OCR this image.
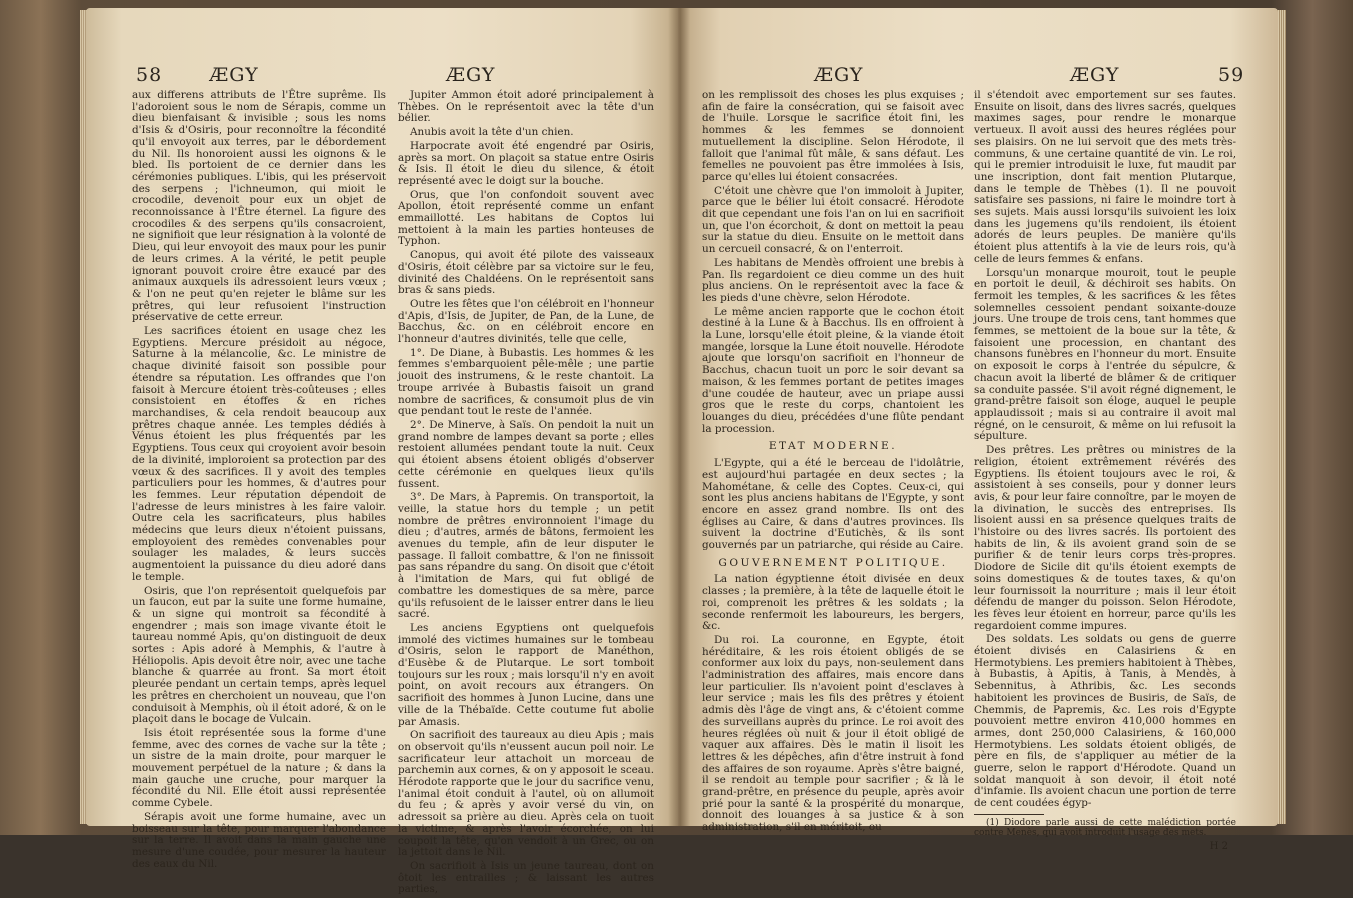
58 ÆGY	ÆGY

aux differens attributs de l'Être suprême. Ils l'adoroient sous le nom de Sérapis, comme un dieu bienfaisant & invisible ; sous les noms d'Isis & d'Osiris, pour reconnoître la fécondité qu'il envoyoit aux terres, par le débordement du Nil. Ils honoroient aussi les oignons & le bled. Ils portoient de ce dernier dans les cérémonies publiques. L'ibis, qui les préservoit des serpens ; l'ichneumon, qui mioit le crocodile, devenoit pour eux un objet de reconnoissance à l'Être éternel. La figure des crocodiles & des serpens qu'ils consacroient, ne signifioit que leur résignation à la volonté de Dieu, qui leur envoyoit des maux pour les punir de leurs crimes. A la vérité, le petit peuple ignorant pouvoit croire être exaucé par des animaux auxquels ils adressoient leurs vœux ; & l'on ne peut qu'en rejeter le blâme sur les prêtres, qui leur refusoient l'instruction préservative de cette erreur.

Les sacrifices étoient en usage chez les Egyptiens. Mercure présidoit au négoce, Saturne à la mélancolie, &c. Le ministre de chaque divinité faisoit son possible pour étendre sa réputation. Les offrandes que l'on faisoit à Mercure étoient très-coûteuses ; elles consistoient en étoffes & en riches marchandises, & cela rendoit beaucoup aux prêtres chaque année. Les temples dédiés à Vénus étoient les plus fréquentés par les Egyptiens. Tous ceux qui croyoient avoir besoin de la divinité, imploroient sa protection par des vœux & des sacrifices. Il y avoit des temples particuliers pour les hommes, & d'autres pour les femmes. Leur réputation dépendoit de l'adresse de leurs ministres à les faire valoir. Outre cela les sacrificateurs, plus habiles médecins que leurs dieux n'étoient puissans, employoient des remèdes convenables pour soulager les malades, & leurs succès augmentoient la puissance du dieu adoré dans le temple.

Osiris, que l'on représentoit quelquefois par un faucon, eut par la suite une forme humaine, & un signe qui montroit sa fécondité à engendrer ; mais son image vivante étoit le taureau nommé Apis, qu'on distinguoit de deux sortes : Apis adoré à Memphis, & l'autre à Héliopolis. Apis devoit être noir, avec une tache blanche & quarrée au front. Sa mort étoit pleurée pendant un certain temps, après lequel les prêtres en cherchoient un nouveau, que l'on conduisoit à Memphis, où il étoit adoré, & on le plaçoit dans le bocage de Vulcain.

Isis étoit représentée sous la forme d'une femme, avec des cornes de vache sur la tête ; un sistre de la main droite, pour marquer le mouvement perpétuel de la nature ; & dans la main gauche une cruche, pour marquer la fécondité du Nil. Elle étoit aussi représentée comme Cybele.

Sérapis avoit une forme humaine, avec un boisseau sur la tête, pour marquer l'abondance sur la terre. Il avoit dans la main gauche une mesure d'une coudée, pour mesurer la hauteur des eaux du Nil.

Jupiter Ammon étoit adoré principalement à Thèbes. On le représentoit avec la tête d'un bélier.

Anubis avoit la tête d'un chien.

Harpocrate avoit été engendré par Osiris, après sa mort. On plaçoit sa statue entre Osiris & Isis. Il étoit le dieu du silence, & étoit représenté avec le doigt sur la bouche.

Orus, que l'on confondoit souvent avec Apollon, étoit représenté comme un enfant emmaillotté. Les habitans de Coptos lui mettoient à la main les parties honteuses de Typhon.

Canopus, qui avoit été pilote des vaisseaux d'Osiris, étoit célèbre par sa victoire sur le feu, divinité des Chaldéens. On le représentoit sans bras & sans pieds.

Outre les fêtes que l'on célébroit en l'honneur d'Apis, d'Isis, de Jupiter, de Pan, de la Lune, de Bacchus, &c. on en célébroit encore en l'honneur d'autres divinités, telle que celle,

1°. De Diane, à Bubastis. Les hommes & les femmes s'embarquoient pêle-mêle ; une partie jouoit des instrumens, & le reste chantoit. La troupe arrivée à Bubastis faisoit un grand nombre de sacrifices, & consumoit plus de vin que pendant tout le reste de l'année.

2°. De Minerve, à Saïs. On pendoit la nuit un grand nombre de lampes devant sa porte ; elles restoient allumées pendant toute la nuit. Ceux qui étoient absens étoient obligés d'observer cette cérémonie en quelques lieux qu'ils fussent.

3°. De Mars, à Papremis. On transportoit, la veille, la statue hors du temple ; un petit nombre de prêtres environnoient l'image du dieu ; d'autres, armés de bâtons, fermoient les avenues du temple, afin de leur disputer le passage. Il falloit combattre, & l'on ne finissoit pas sans répandre du sang. On disoit que c'étoit à l'imitation de Mars, qui fut obligé de combattre les domestiques de sa mère, parce qu'ils refusoient de le laisser entrer dans le lieu sacré.

Les anciens Egyptiens ont quelquefois immolé des victimes humaines sur le tombeau d'Osiris, selon le rapport de Manéthon, d'Eusèbe & de Plutarque. Le sort tomboit toujours sur les roux ; mais lorsqu'il n'y en avoit point, on avoit recours aux étrangers. On sacrifioit des hommes à Junon Lucine, dans une ville de la Thébaïde. Cette coutume fut abolie par Amasis.

On sacrifioit des taureaux au dieu Apis ; mais on observoit qu'ils n'eussent aucun poil noir. Le sacrificateur leur attachoit un morceau de parchemin aux cornes, & on y apposoit le sceau. Hérodote rapporte que le jour du sacrifice venu, l'animal étoit conduit à l'autel, où on allumoit du feu ; & après y avoir versé du vin, on adressoit sa prière au dieu. Après cela on tuoit la victime, & après l'avoir écorchée, on lui coupoit la tête, qu'on vendoit à un Grec, ou on la jettoit dans le Nil.

On sacrifioit à Isis un jeune taureau, dont on ôtoit les entrailles ; & laissant les autres parties,

ÆGY	ÆGY	59

on les remplissoit des choses les plus exquises ; afin de faire la consécration, qui se faisoit avec de l'huile. Lorsque le sacrifice étoit fini, les hommes & les femmes se donnoient mutuellement la discipline. Selon Hérodote, il falloit que l'animal fût mâle, & sans défaut. Les femelles ne pouvoient pas être immolées à Isis, parce qu'elles lui étoient consacrées.

C'étoit une chèvre que l'on immoloit à Jupiter, parce que le bélier lui étoit consacré. Hérodote dit que cependant une fois l'an on lui en sacrifioit un, que l'on écorchoit, & dont on mettoit la peau sur la statue du dieu. Ensuite on le mettoit dans un cercueil consacré, & on l'enterroit.

Les habitans de Mendès offroient une brebis à Pan. Ils regardoient ce dieu comme un des huit plus anciens. On le représentoit avec la face & les pieds d'une chèvre, selon Hérodote.

Le même ancien rapporte que le cochon étoit destiné à la Lune & à Bacchus. Ils en offroient à la Lune, lorsqu'elle étoit pleine, & la viande étoit mangée, lorsque la Lune étoit nouvelle. Hérodote ajoute que lorsqu'on sacrifioit en l'honneur de Bacchus, chacun tuoit un porc le soir devant sa maison, & les femmes portant de petites images d'une coudée de hauteur, avec un priape aussi gros que le reste du corps, chantoient les louanges du dieu, précédées d'une flûte pendant la procession.

ETAT MODERNE.

L'Egypte, qui a été le berceau de l'idolâtrie, est aujourd'hui partagée en deux sectes ; la Mahométane, & celle des Coptes. Ceux-ci, qui sont les plus anciens habitans de l'Egypte, y sont encore en assez grand nombre. Ils ont des églises au Caire, & dans d'autres provinces. Ils suivent la doctrine d'Eutichès, & ils sont gouvernés par un patriarche, qui réside au Caire.

GOUVERNEMENT POLITIQUE.

La nation égyptienne étoit divisée en deux classes ; la première, à la tête de laquelle étoit le roi, comprenoit les prêtres & les soldats ; la seconde renfermoit les laboureurs, les bergers, &c.

Du roi. La couronne, en Egypte, étoit héréditaire, & les rois étoient obligés de se conformer aux loix du pays, non-seulement dans l'administration des affaires, mais encore dans leur particulier. Ils n'avoient point d'esclaves à leur service ; mais les fils des prêtres y étoient admis dès l'âge de vingt ans, & c'étoient comme des surveillans auprès du prince. Le roi avoit des heures réglées où nuit & jour il étoit obligé de vaquer aux affaires. Dès le matin il lisoit les lettres & les dépêches, afin d'être instruit à fond des affaires de son royaume. Après s'être baigné, il se rendoit au temple pour sacrifier ; & là le grand-prêtre, en présence du peuple, après avoir prié pour la santé & la prospérité du monarque, donnoit des louanges à sa justice & à son administration, s'il en méritoit, ou

il s'étendoit avec emportement sur ses fautes. Ensuite on lisoit, dans des livres sacrés, quelques maximes sages, pour rendre le monarque vertueux. Il avoit aussi des heures réglées pour ses plaisirs. On ne lui servoit que des mets très-communs, & une certaine quantité de vin. Le roi, qui le premier introduisit le luxe, fut maudit par une inscription, dont fait mention Plutarque, dans le temple de Thèbes (1). Il ne pouvoit satisfaire ses passions, ni faire le moindre tort à ses sujets. Mais aussi lorsqu'ils suivoient les loix dans les jugemens qu'ils rendoient, ils étoient adorés de leurs peuples. De manière qu'ils étoient plus attentifs à la vie de leurs rois, qu'à celle de leurs femmes & enfans.

Lorsqu'un monarque mouroit, tout le peuple en portoit le deuil, & déchiroit ses habits. On fermoit les temples, & les sacrifices & les fêtes solemnelles cessoient pendant soixante-douze jours. Une troupe de trois cens, tant hommes que femmes, se mettoient de la boue sur la tête, & faisoient une procession, en chantant des chansons funèbres en l'honneur du mort. Ensuite on exposoit le corps à l'entrée du sépulcre, & chacun avoit la liberté de blâmer & de critiquer sa conduite passée. S'il avoit régné dignement, le grand-prêtre faisoit son éloge, auquel le peuple applaudissoit ; mais si au contraire il avoit mal régné, on le censuroit, & même on lui refusoit la sépulture.

Des prêtres. Les prêtres ou ministres de la religion, étoient extrêmement révérés des Egyptiens. Ils étoient toujours avec le roi, & assistoient à ses conseils, pour y donner leurs avis, & pour leur faire connoître, par le moyen de la divination, le succès des entreprises. Ils lisoient aussi en sa présence quelques traits de l'histoire ou des livres sacrés. Ils portoient des habits de lin, & ils avoient grand soin de se purifier & de tenir leurs corps très-propres. Diodore de Sicile dit qu'ils étoient exempts de soins domestiques & de toutes taxes, & qu'on leur fournissoit la nourriture ; mais il leur étoit défendu de manger du poisson. Selon Hérodote, les fèves leur étoient en horreur, parce qu'ils les regardoient comme impures.

Des soldats. Les soldats ou gens de guerre étoient divisés en Calasiriens & en Hermotybiens. Les premiers habitoient à Thèbes, à Bubastis, à Apitis, à Tanis, à Mendès, à Sebennitus, à Athribis, &c. Les seconds habitoient les provinces de Busiris, de Saïs, de Chemmis, de Papremis, &c. Les rois d'Egypte pouvoient mettre environ 410,000 hommes en armes, dont 250,000 Calasiriens, & 160,000 Hermotybiens. Les soldats étoient obligés, de père en fils, de s'appliquer au métier de la guerre, selon le rapport d'Hérodote. Quand un soldat manquoit à son devoir, il étoit noté d'infamie. Ils avoient chacun une portion de terre de cent coudées égyp-

(1) Diodore parle aussi de cette malédiction portée contre Menès, qui avoit introduit l'usage des mets.

H 2
